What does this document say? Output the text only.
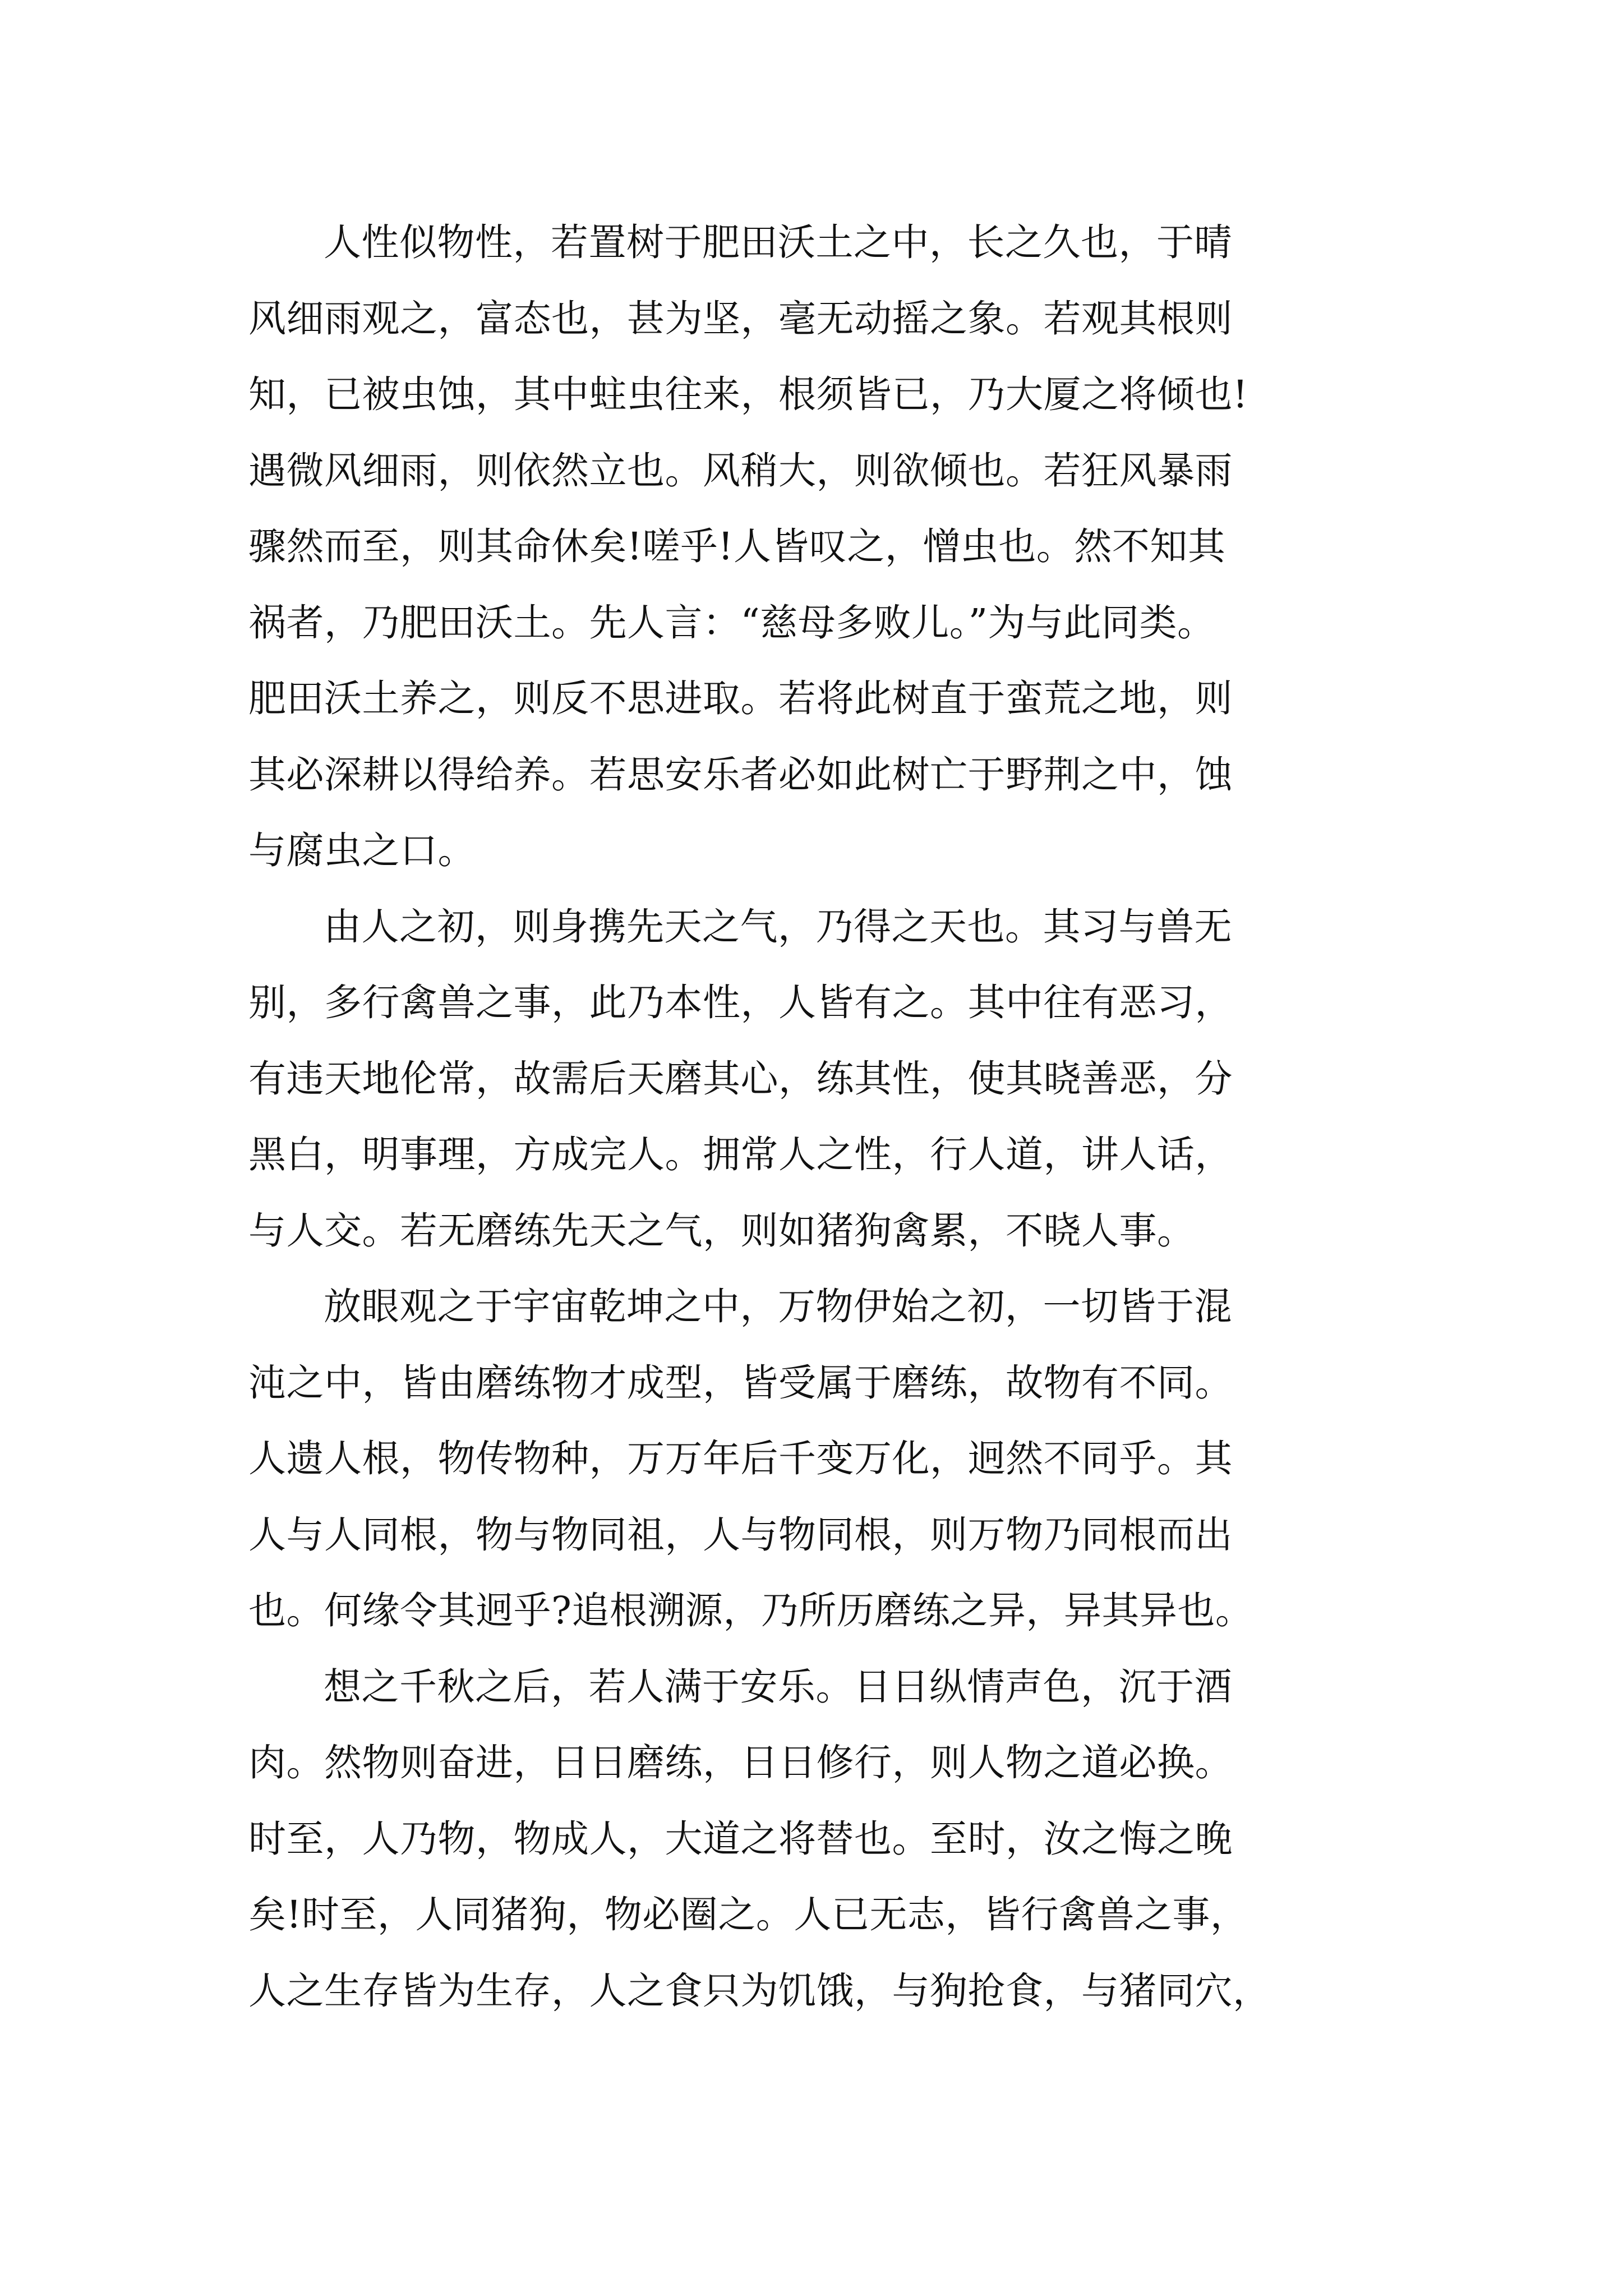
人性似物性，若置树于肥田沃土之中，长之久也，于晴
风细雨观之，富态也，甚为坚，毫无动摇之象。若观其根则
知，已被虫蚀，其中蛀虫往来，根须皆已，乃大厦之将倾也!
遇微风细雨，则依然立也。风稍大，则欲倾也。若狂风暴雨
骤然而至，则其命休矣!嗟乎!人皆叹之，憎虫也。然不知其
祸者，乃肥田沃土。先人言：“慈母多败儿。”为与此同类。
肥田沃土养之，则反不思进取。若将此树直于蛮荒之地，则
其必深耕以得给养。若思安乐者必如此树亡于野荆之中，蚀
与腐虫之口。
由人之初，则身携先天之气，乃得之天也。其习与兽无
别，多行禽兽之事，此乃本性，人皆有之。其中往有恶习，
有违天地伦常，故需后天磨其心，练其性，使其晓善恶，分
黑白，明事理，方成完人。拥常人之性，行人道，讲人话，
与人交。若无磨练先天之气，则如猪狗禽累，不晓人事。
放眼观之于宇宙乾坤之中，万物伊始之初，一切皆于混
沌之中，皆由磨练物才成型，皆受属于磨练，故物有不同。
人遗人根，物传物种，万万年后千变万化，迥然不同乎。其
人与人同根，物与物同祖，人与物同根，则万物乃同根而出
也。何缘令其迥乎?追根溯源，乃所历磨练之异，异其异也。
想之千秋之后，若人满于安乐。日日纵情声色，沉于酒
肉。然物则奋进，日日磨练，日日修行，则人物之道必换。
时至，人乃物，物成人，大道之将替也。至时，汝之悔之晚
矣!时至，人同猪狗，物必圈之。人已无志，皆行禽兽之事，
人之生存皆为生存，人之食只为饥饿，与狗抢食，与猪同穴，
